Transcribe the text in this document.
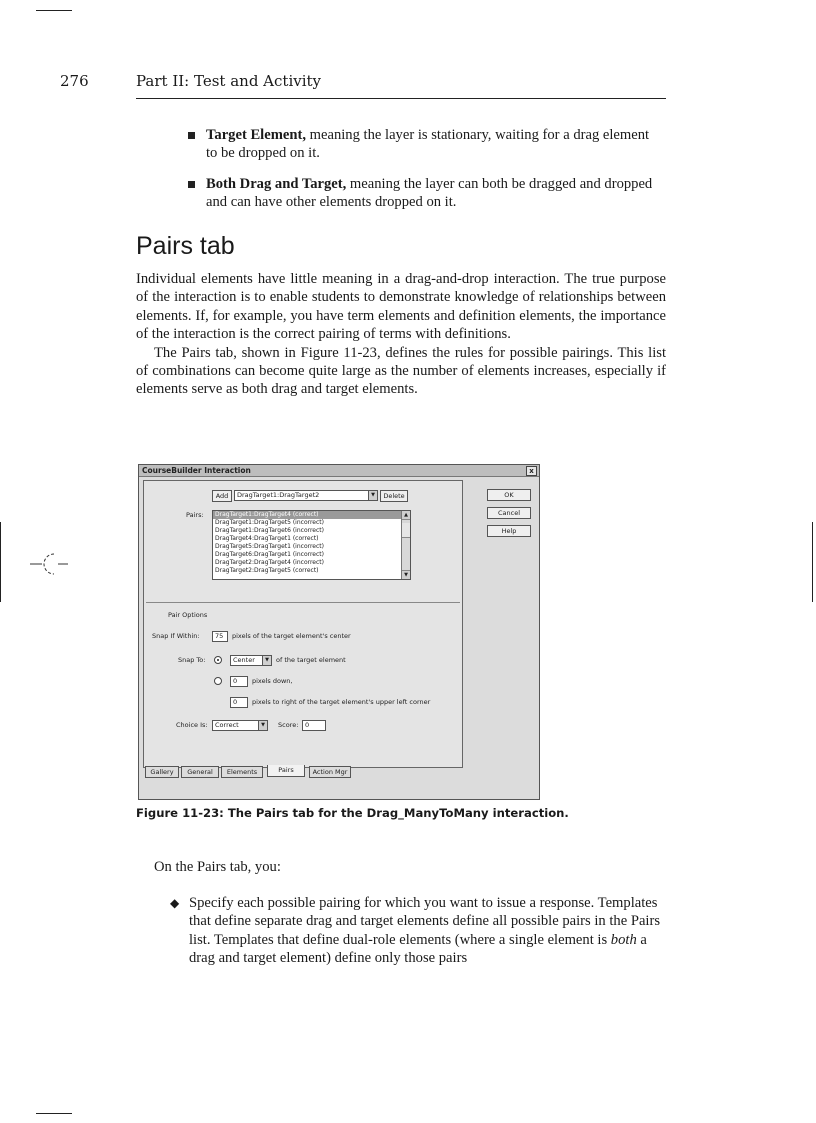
276	Part II: Test and Activity
Target Element, meaning the layer is stationary, waiting for a drag element to be dropped on it.
Both Drag and Target, meaning the layer can both be dragged and dropped and can have other elements dropped on it.
Pairs tab

Individual elements have little meaning in a drag-and-drop interaction. The true purpose of the interaction is to enable students to demonstrate knowledge of relationships between elements. If, for example, you have term elements and definition elements, the importance of the interaction is the correct pairing of terms with definitions.

The Pairs tab, shown in Figure 11-23, defines the rules for possible pairings. This list of combinations can become quite large as the number of elements increases, especially if elements serve as both drag and target elements.

CourseBuilder Interaction	x
Add	DragTarget1:DragTarget2	▼	Delete
Pairs:	DragTarget1:DragTarget4 (correct)
DragTarget1:DragTarget5 (incorrect)
DragTarget1:DragTarget6 (incorrect)
DragTarget4:DragTarget1 (correct)
DragTarget5:DragTarget1 (incorrect)
DragTarget6:DragTarget1 (incorrect)
DragTarget2:DragTarget4 (incorrect)
DragTarget2:DragTarget5 (correct)
▲
▼
Pair Options
Snap If Within:	75	pixels of the target element's center
Snap To:	Center	▼	of the target element
0	pixels down,
0	pixels to right of the target element's upper left corner
Choice Is:	Correct	▼	Score:	0
OK
Cancel
Help
Gallery	General	Elements	Pairs	Action Mgr
Figure 11-23: The Pairs tab for the Drag_ManyToMany interaction.

On the Pairs tab, you:

◆ Specify each possible pairing for which you want to issue a response. Templates that define separate drag and target elements define all possible pairs in the Pairs list. Templates that define dual-role elements (where a single element is both a drag and target element) define only those pairs
